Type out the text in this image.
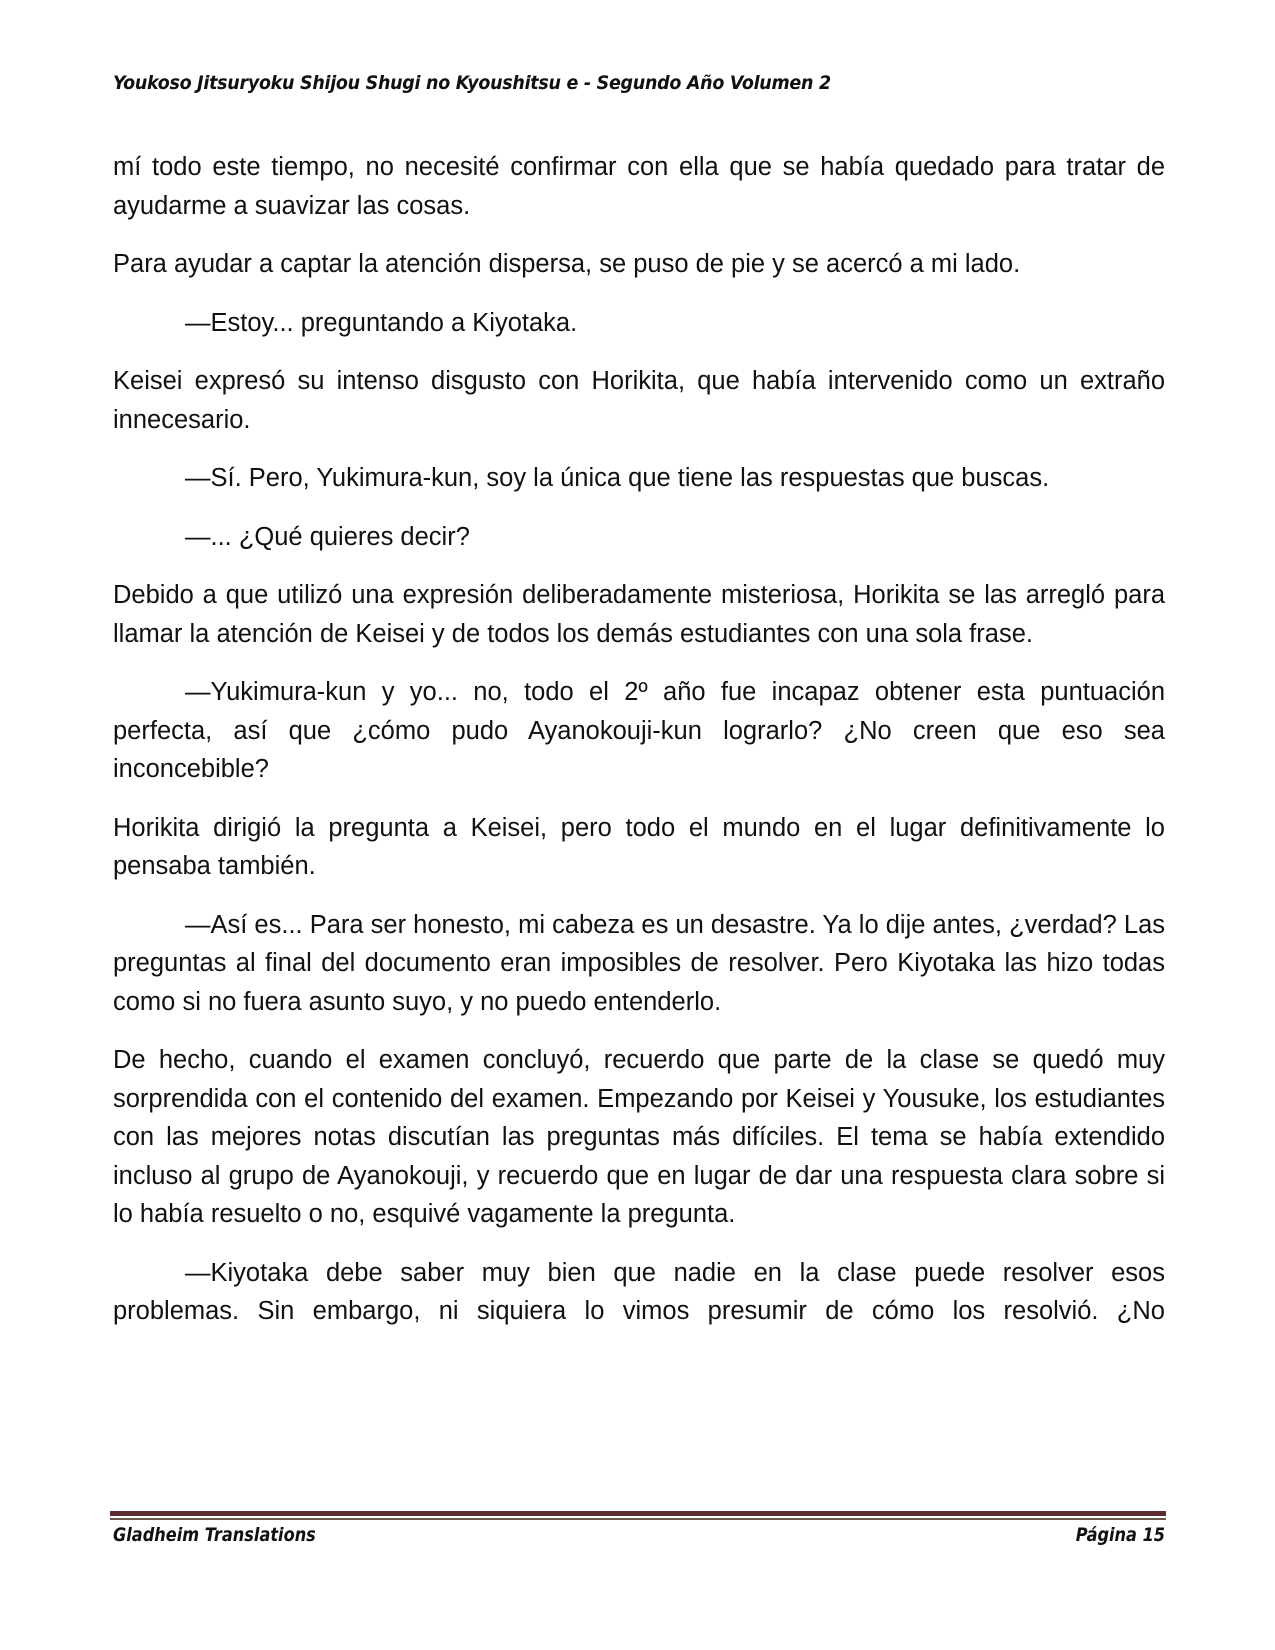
Youkoso Jitsuryoku Shijou Shugi no Kyoushitsu e - Segundo Año Volumen 2

mí todo este tiempo, no necesité confirmar con ella que se había quedado para tratar de ayudarme a suavizar las cosas.

Para ayudar a captar la atención dispersa, se puso de pie y se acercó a mi lado.

—Estoy... preguntando a Kiyotaka.

Keisei expresó su intenso disgusto con Horikita, que había intervenido como un extraño innecesario.

—Sí. Pero, Yukimura-kun, soy la única que tiene las respuestas que buscas.

—... ¿Qué quieres decir?

Debido a que utilizó una expresión deliberadamente misteriosa, Horikita se las arregló para llamar la atención de Keisei y de todos los demás estudiantes con una sola frase.

—Yukimura-kun y yo... no, todo el 2º año fue incapaz obtener esta puntuación perfecta, así que ¿cómo pudo Ayanokouji-kun lograrlo? ¿No creen que eso sea inconcebible?

Horikita dirigió la pregunta a Keisei, pero todo el mundo en el lugar definitivamente lo pensaba también.

—Así es... Para ser honesto, mi cabeza es un desastre. Ya lo dije antes, ¿verdad? Las preguntas al final del documento eran imposibles de resolver. Pero Kiyotaka las hizo todas como si no fuera asunto suyo, y no puedo entenderlo.

De hecho, cuando el examen concluyó, recuerdo que parte de la clase se quedó muy sorprendida con el contenido del examen. Empezando por Keisei y Yousuke, los estudiantes con las mejores notas discutían las preguntas más difíciles. El tema se había extendido incluso al grupo de Ayanokouji, y recuerdo que en lugar de dar una respuesta clara sobre si lo había resuelto o no, esquivé vagamente la pregunta.

—Kiyotaka debe saber muy bien que nadie en la clase puede resolver esos problemas. Sin embargo, ni siquiera lo vimos presumir de cómo los resolvió. ¿No

Gladheim Translations	Página 15
